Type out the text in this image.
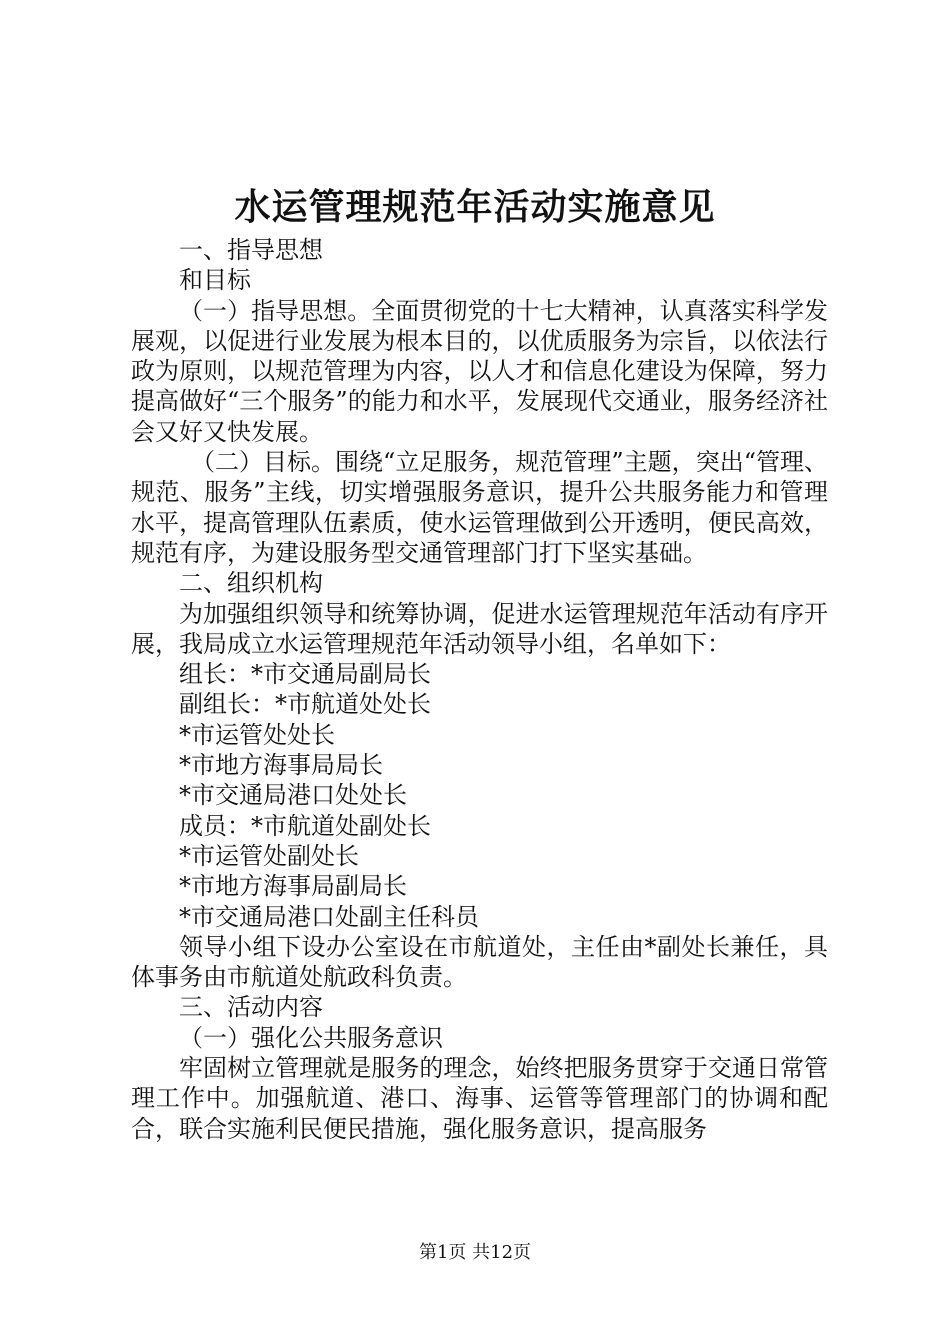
水运管理规范年活动实施意见

一、指导思想

和目标

（一）指导思想。全面贯彻党的十七大精神，认真落实科学发展观，以促进行业发展为根本目的，以优质服务为宗旨，以依法行政为原则，以规范管理为内容，以人才和信息化建设为保障，努力提高做好“三个服务”的能力和水平，发展现代交通业，服务经济社会又好又快发展。

（二）目标。围绕“立足服务，规范管理”主题，突出“管理、规范、服务”主线，切实增强服务意识，提升公共服务能力和管理水平，提高管理队伍素质，使水运管理做到公开透明，便民高效，规范有序，为建设服务型交通管理部门打下坚实基础。

二、组织机构

为加强组织领导和统筹协调，促进水运管理规范年活动有序开展，我局成立水运管理规范年活动领导小组，名单如下：

组长：*市交通局副局长

副组长：*市航道处处长

*市运管处处长

*市地方海事局局长

*市交通局港口处处长

成员：*市航道处副处长

*市运管处副处长

*市地方海事局副局长

*市交通局港口处副主任科员

领导小组下设办公室设在市航道处，主任由*副处长兼任，具体事务由市航道处航政科负责。

三、活动内容

（一）强化公共服务意识

牢固树立管理就是服务的理念，始终把服务贯穿于交通日常管理工作中。加强航道、港口、海事、运管等管理部门的协调和配合，联合实施利民便民措施，强化服务意识，提高服务

第1页 共12页
